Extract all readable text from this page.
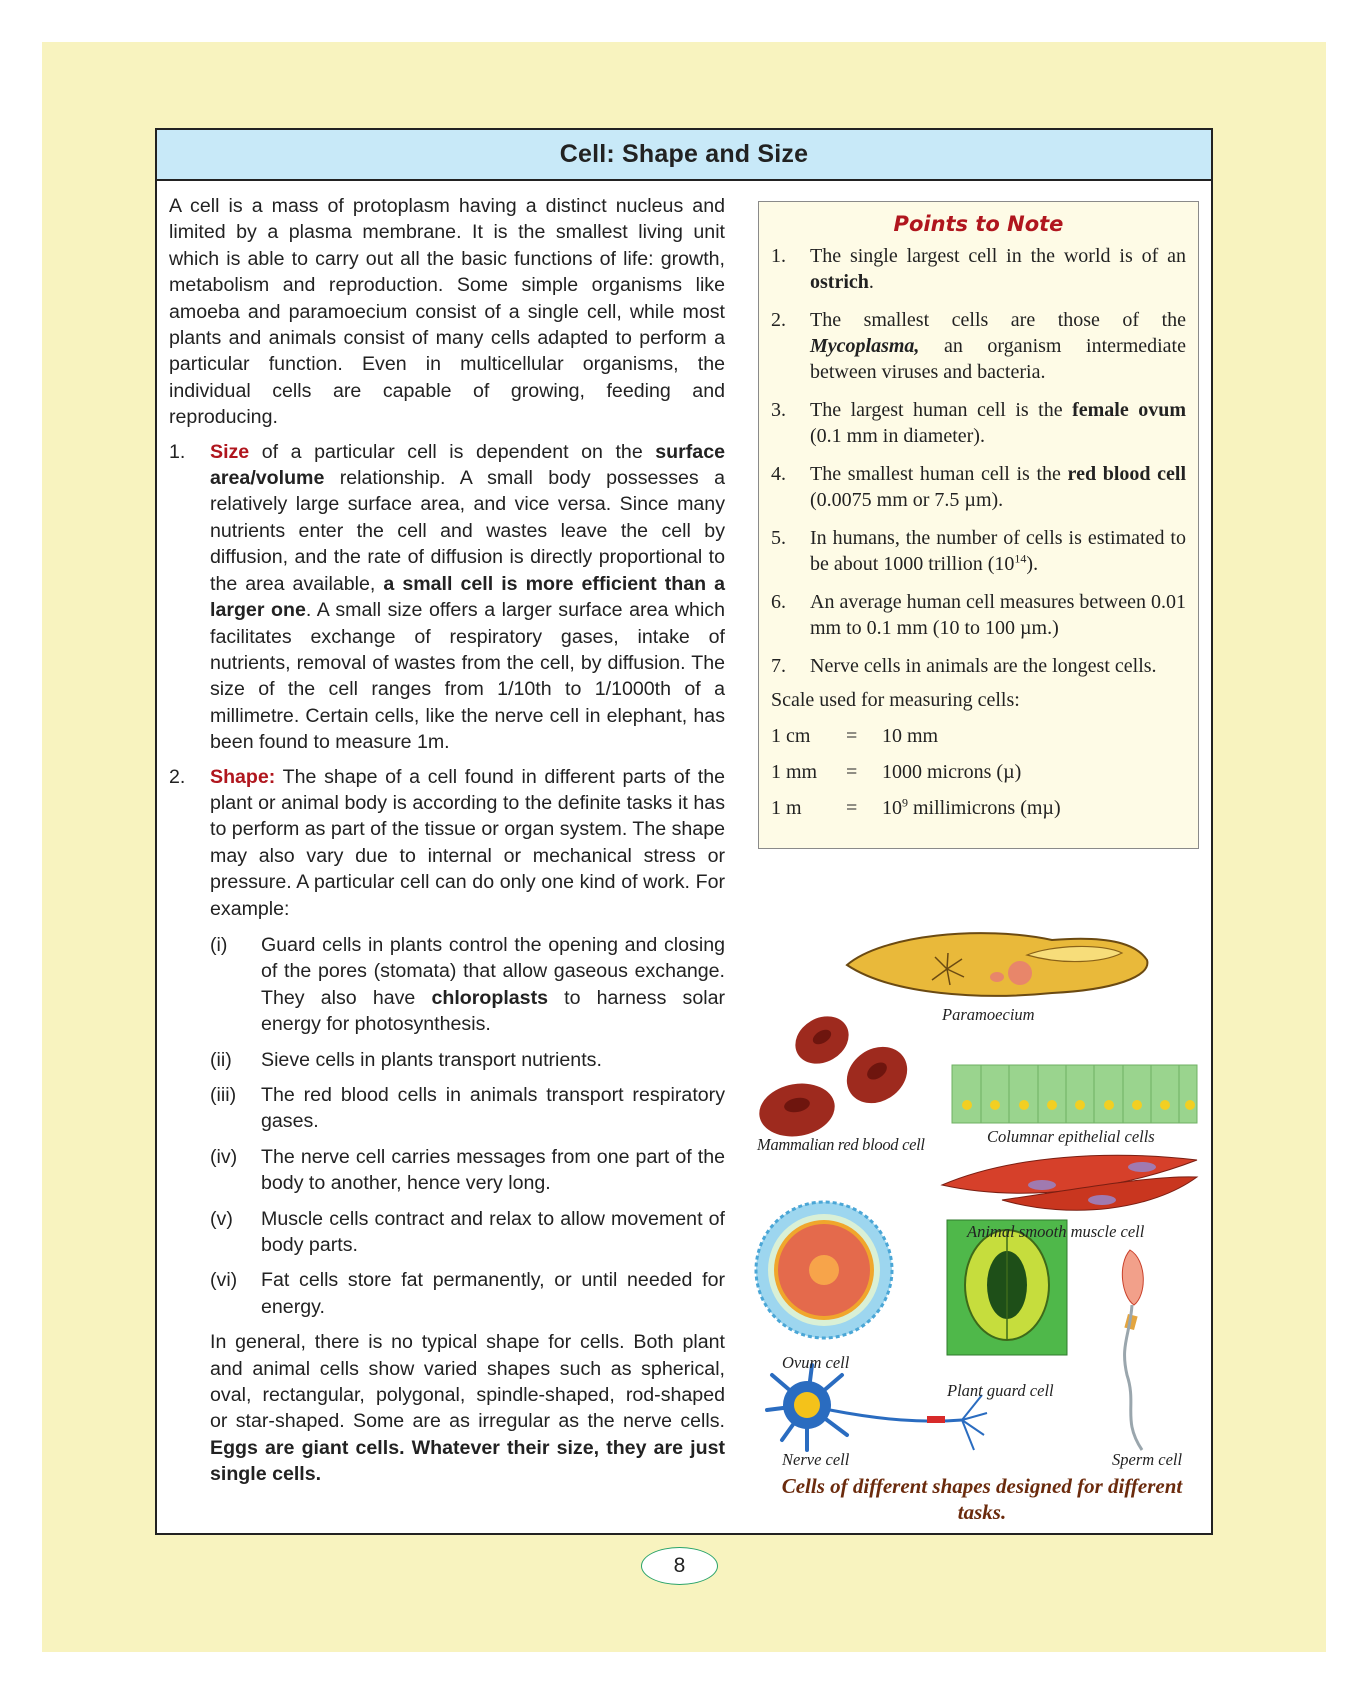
Cell: Shape and Size

A cell is a mass of protoplasm having a distinct nucleus and limited by a plasma membrane. It is the smallest living unit which is able to carry out all the basic functions of life: growth, metabolism and reproduction. Some simple organisms like amoeba and paramoecium consist of a single cell, while most plants and animals consist of many cells adapted to perform a particular function. Even in multicellular organisms, the individual cells are capable of growing, feeding and reproducing.

1.	Size of a particular cell is dependent on the surface area/volume relationship. A small body possesses a relatively large surface area, and vice versa. Since many nutrients enter the cell and wastes leave the cell by diffusion, and the rate of diffusion is directly proportional to the area available, a small cell is more efficient than a larger one. A small size offers a larger surface area which facilitates exchange of respiratory gases, intake of nutrients, removal of wastes from the cell, by diffusion. The size of the cell ranges from 1/10th to 1/1000th of a millimetre. Certain cells, like the nerve cell in elephant, has been found to measure 1m.
2.	Shape: The shape of a cell found in different parts of the plant or animal body is according to the definite tasks it has to perform as part of the tissue or organ system. The shape may also vary due to internal or mechanical stress or pressure. A particular cell can do only one kind of work. For example:
(i)	Guard cells in plants control the opening and closing of the pores (stomata) that allow gaseous exchange. They also have chloroplasts to harness solar energy for photosynthesis.
(ii)	Sieve cells in plants transport nutrients.
(iii)	The red blood cells in animals transport respiratory gases.
(iv)	The nerve cell carries messages from one part of the body to another, hence very long.
(v)	Muscle cells contract and relax to allow movement of body parts.
(vi)	Fat cells store fat permanently, or until needed for energy.
In general, there is no typical shape for cells. Both plant and animal cells show varied shapes such as spherical, oval, rectangular, polygonal, spindle-shaped, rod-shaped or star-shaped. Some are as irregular as the nerve cells. Eggs are giant cells. Whatever their size, they are just single cells.
Points to Note
1.	The single largest cell in the world is of an ostrich.
2.	The smallest cells are those of the Mycoplasma, an organism intermediate between viruses and bacteria.
3.	The largest human cell is the female ovum (0.1 mm in diameter).
4.	The smallest human cell is the red blood cell (0.0075 mm or 7.5 µm).
5.	In humans, the number of cells is estimated to be about 1000 trillion $(10^{14})$.
6.	An average human cell measures between 0.01 mm to 0.1 mm (10 to 100 µm.)
7.	Nerve cells in animals are the longest cells.
Scale used for measuring cells:
1 cm	=	10 mm
1 mm	=	1000 microns (µ)
1 m	=	$10^9$ millimicrons (mµ)
Paramoecium
Mammalian red blood cell	Columnar epithelial cells
Animal smooth muscle cell
Ovum cell
Plant guard cell
Nerve cell	Sperm cell
Cells of different shapes designed for different tasks.
8
